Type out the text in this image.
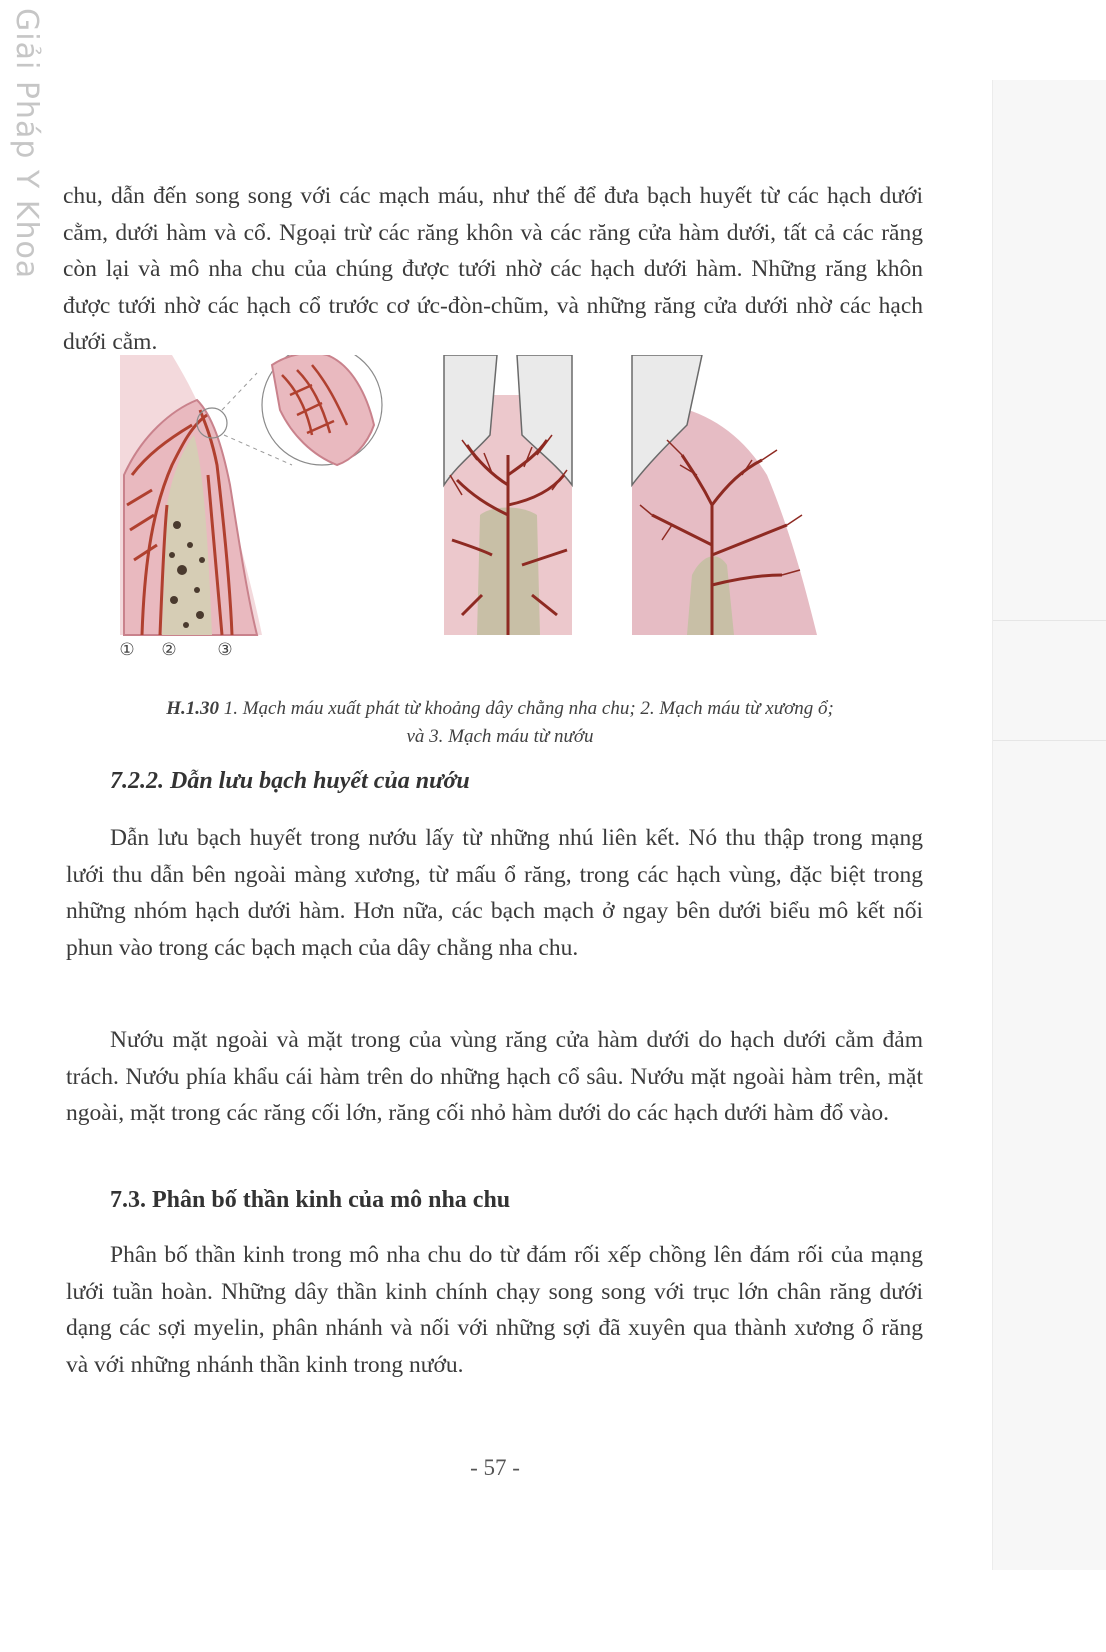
Giải Pháp Y Khoa chu, dẫn đến song song với các mạch máu, như thế để đưa bạch huyết từ các hạch dưới cằm, dưới hàm và cổ. Ngoại trừ các răng khôn và các răng cửa hàm dưới, tất cả các răng còn lại và mô nha chu của chúng được tưới nhờ các hạch dưới hàm. Những răng khôn được tưới nhờ các hạch cổ trước cơ ức-đòn-chũm, và những răng cửa dưới nhờ các hạch dưới cằm.
① ② ③
H.1.30 1. Mạch máu xuất phát từ khoảng dây chằng nha chu; 2. Mạch máu từ xương ổ;
và 3. Mạch máu từ nướu
7.2.2. Dẫn lưu bạch huyết của nướu
Dẫn lưu bạch huyết trong nướu lấy từ những nhú liên kết. Nó thu thập trong mạng lưới thu dẫn bên ngoài màng xương, từ mấu ổ răng, trong các hạch vùng, đặc biệt trong những nhóm hạch dưới hàm. Hơn nữa, các bạch mạch ở ngay bên dưới biểu mô kết nối phun vào trong các bạch mạch của dây chằng nha chu.
Nướu mặt ngoài và mặt trong của vùng răng cửa hàm dưới do hạch dưới cằm đảm trách. Nướu phía khẩu cái hàm trên do những hạch cổ sâu. Nướu mặt ngoài hàm trên, mặt ngoài, mặt trong các răng cối lớn, răng cối nhỏ hàm dưới do các hạch dưới hàm đổ vào.
7.3. Phân bố thần kinh của mô nha chu
Phân bố thần kinh trong mô nha chu do từ đám rối xếp chồng lên đám rối của mạng lưới tuần hoàn. Những dây thần kinh chính chạy song song với trục lớn chân răng dưới dạng các sợi myelin, phân nhánh và nối với những sợi đã xuyên qua thành xương ổ răng và với những nhánh thần kinh trong nướu.
- 57 -
